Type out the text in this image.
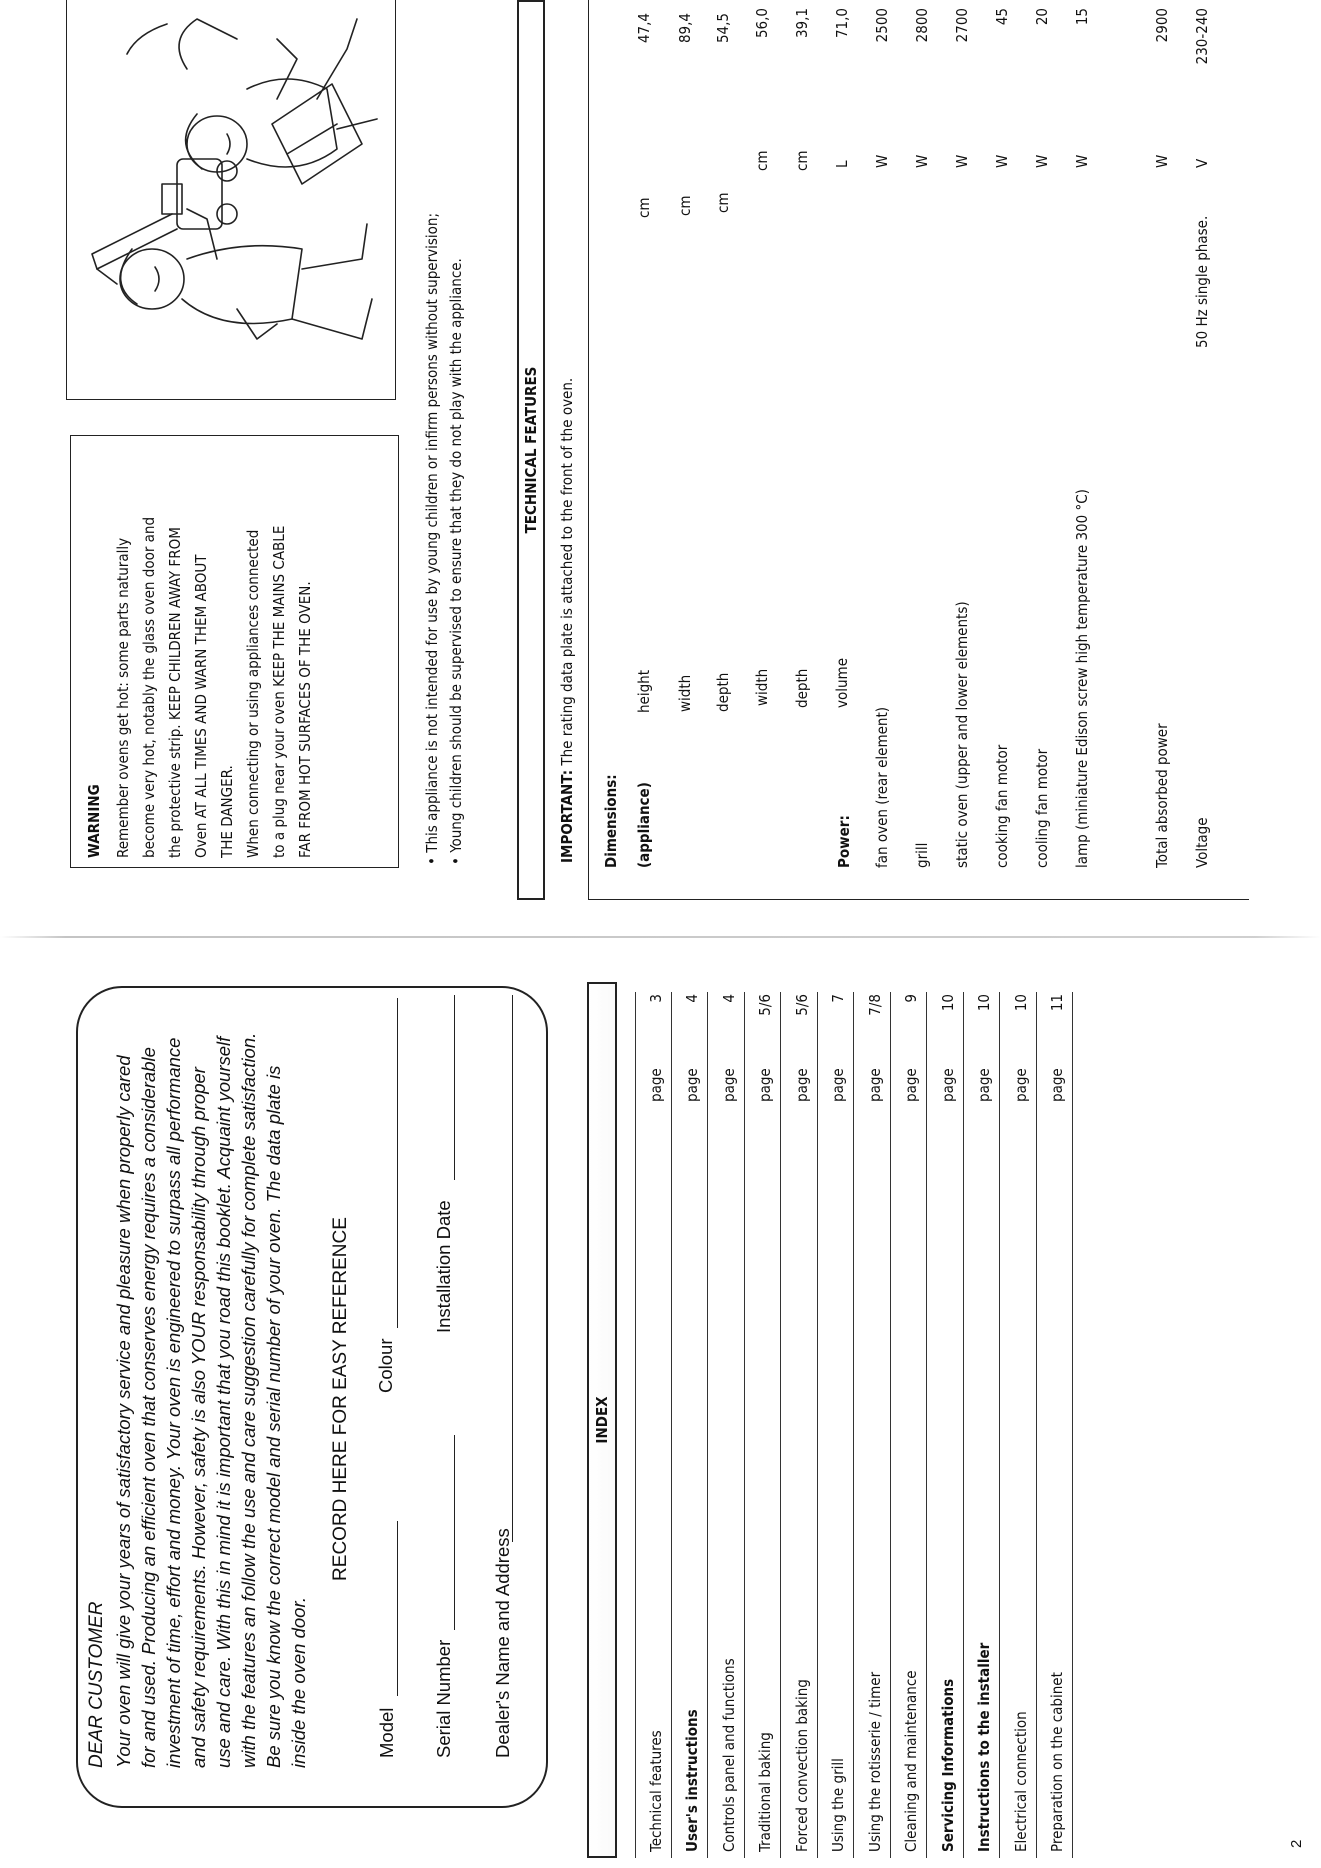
DEAR CUSTOMER Your oven will give your years of satisfactory service and pleasure when properly cared for and used. Producing an efficient oven that conserves energy requires a considerable investment of time, effort and money. Your oven is engineered to surpass all performance and safety requirements. However, safety is also YOUR responsability through proper use and care. With this in mind it is important that you road this booklet. Acquaint yourself with the features an follow the use and care suggestion carefully for complete satisfaction. Be sure you know the correct model and serial number of your oven. The data plate is inside the oven door.
RECORD HERE FOR EASY REFERENCE
Model
Colour
Serial Number
Installation Date
Dealer's Name and Address
INDEX
Technical features
page
3
User's instructions
page
4
Controls panel and functions
page
4
Traditional baking
page
5/6
Forced convection baking
page
5/6
Using the grill
page
7
Using the rotisserie / timer
page
7/8
Cleaning and maintenance
page
9
Servicing Informations
page
10
Instructions to the installer
page
10
Electrical connection
page
10
Preparation on the cabinet
page
11
2
WARNING Remember ovens get hot: some parts naturally become very hot, notably the glass oven door and the protective strip. KEEP CHILDREN AWAY FROM Oven AT ALL TIMES AND WARN THEM ABOUT THE DANGER. When connecting or using appliances connected to a plug near your oven KEEP THE MAINS CABLE FAR FROM HOT SURFACES OF THE OVEN.
• This appliance is not intended for use by young children or infirm persons without supervision;
• Young children should be supervised to ensure that they do not play with the appliance.	TECHNICAL FEATURES
IMPORTANT: The rating data plate is attached to the front of the oven.
Dimensions: (appliance)	Power:
height
cm
47,4
width
cm
89,4
depth
cm
54,5
width
cm
56,0
depth
cm
39,1
volume
L
71,0
fan oven (rear element)
W
2500
grill
W
2800
static oven (upper and lower elements)
W
2700
cooking fan motor
W
45
cooling fan motor
W
20
lamp (miniature Edison screw high temperature 300 °C)
W
15
Total absorbed power
W
2900
Voltage
50 Hz single phase.
V
230-240
